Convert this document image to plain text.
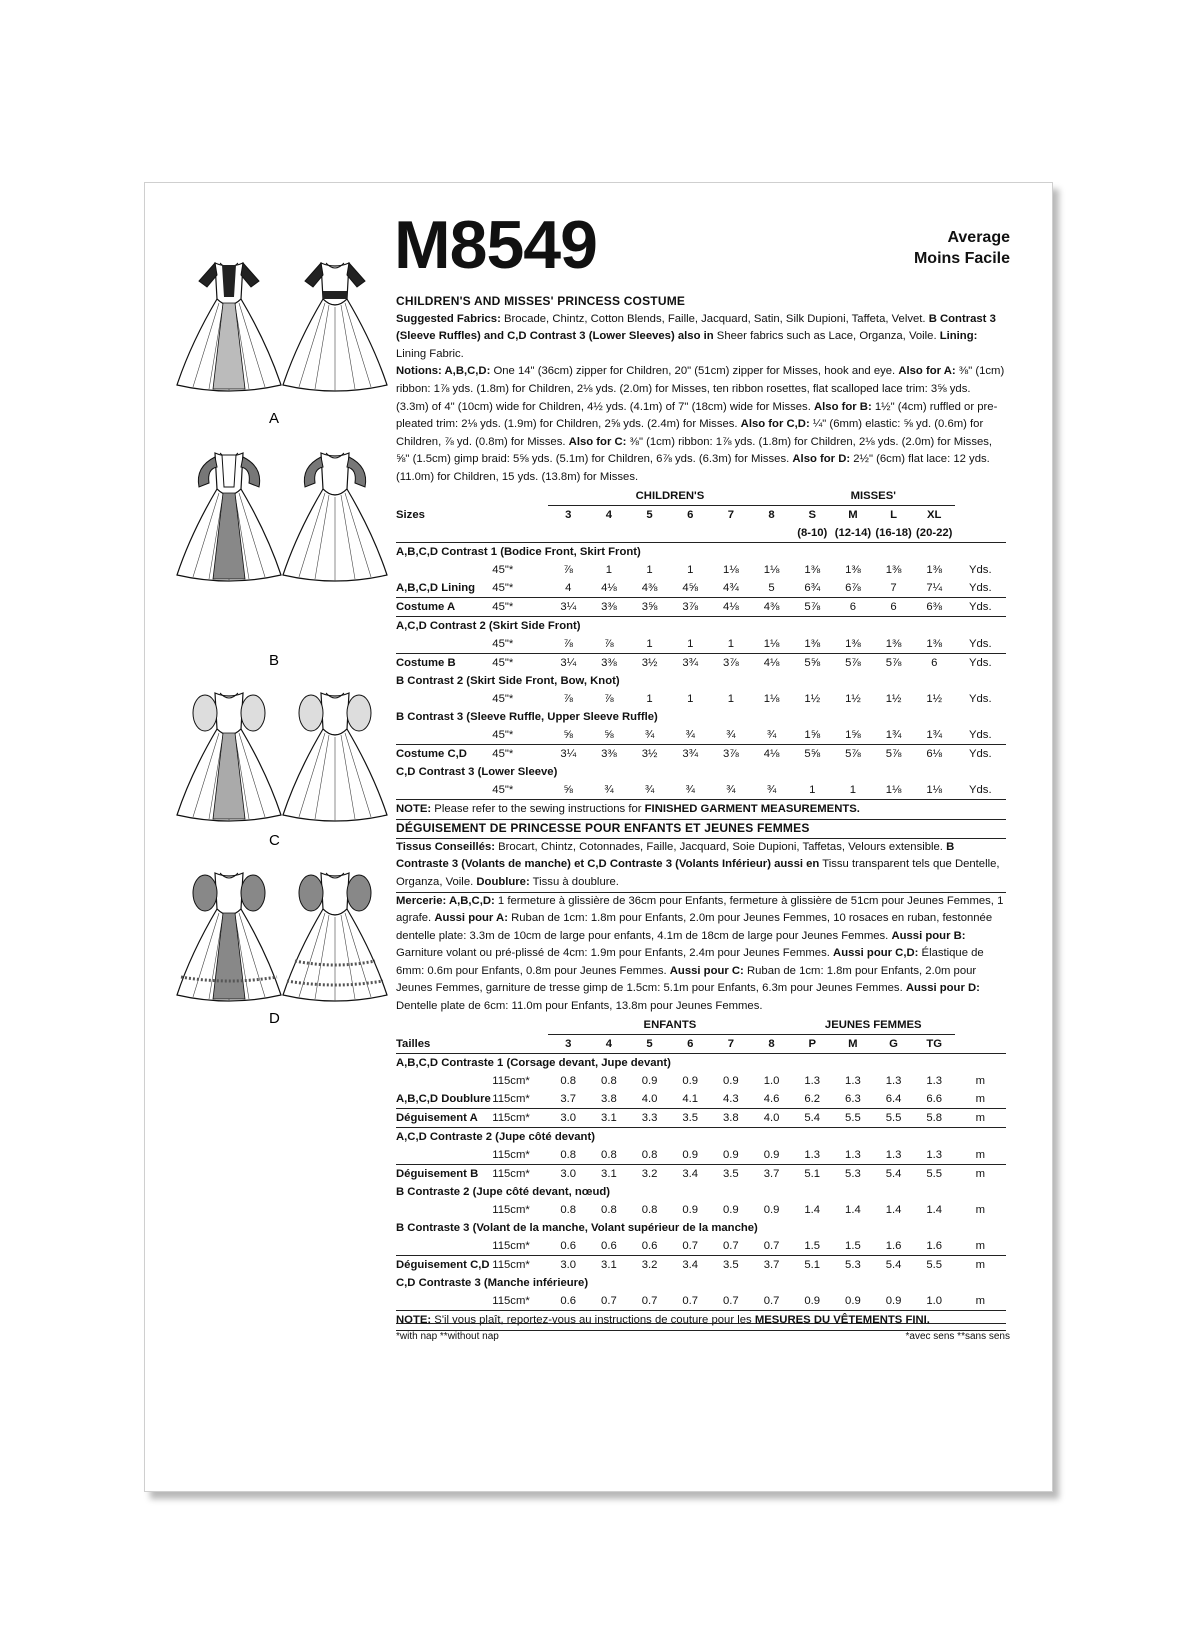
A
B
C
D
M8549	Average
Moins Facile
CHILDREN'S AND MISSES' PRINCESS COSTUME

Suggested Fabrics: Brocade, Chintz, Cotton Blends, Faille, Jacquard, Satin, Silk Dupioni, Taffeta, Velvet. B Contrast 3 (Sleeve Ruffles) and C,D Contrast 3 (Lower Sleeves) also in Sheer fabrics such as Lace, Organza, Voile. Lining: Lining Fabric.

Notions: A,B,C,D: One 14" (36cm) zipper for Children, 20" (51cm) zipper for Misses, hook and eye. Also for A: ⅜" (1cm) ribbon: 1⅞ yds. (1.8m) for Children, 2⅛ yds. (2.0m) for Misses, ten ribbon rosettes, flat scalloped lace trim: 3⅝ yds. (3.3m) of 4" (10cm) wide for Children, 4½ yds. (4.1m) of 7" (18cm) wide for Misses. Also for B: 1½" (4cm) ruffled or pre-pleated trim: 2⅛ yds. (1.9m) for Children, 2⅝ yds. (2.4m) for Misses. Also for C,D: ¼" (6mm) elastic: ⅝ yd. (0.6m) for Children, ⅞ yd. (0.8m) for Misses. Also for C: ⅜" (1cm) ribbon: 1⅞ yds. (1.8m) for Children, 2⅛ yds. (2.0m) for Misses, ⅝" (1.5cm) gimp braid: 5⅝ yds. (5.1m) for Children, 6⅞ yds. (6.3m) for Misses. Also for D: 2½" (6cm) flat lace: 12 yds. (11.0m) for Children, 15 yds. (13.8m) for Misses.

		CHILDREN'S						MISSES'				
Sizes		3	4	5	6	7	8	S	M	L	XL	
								(8-10)	(12-14)	(16-18)	(20-22)	
A,B,C,D Contrast 1 (Bodice Front, Skirt Front)												
	45"*	⅞	1	1	1	1⅛	1⅛	1⅜	1⅜	1⅜	1⅜	Yds.
A,B,C,D Lining	45"*	4	4⅛	4⅜	4⅝	4¾	5	6¾	6⅞	7	7¼	Yds.
Costume A	45"*	3¼	3⅜	3⅝	3⅞	4⅛	4⅜	5⅞	6	6	6⅜	Yds.
A,C,D Contrast 2 (Skirt Side Front)												
	45"*	⅞	⅞	1	1	1	1⅛	1⅜	1⅜	1⅜	1⅜	Yds.
Costume B	45"*	3¼	3⅜	3½	3¾	3⅞	4⅛	5⅝	5⅞	5⅞	6	Yds.
B Contrast 2 (Skirt Side Front, Bow, Knot)												
	45"*	⅞	⅞	1	1	1	1⅛	1½	1½	1½	1½	Yds.
B Contrast 3 (Sleeve Ruffle, Upper Sleeve Ruffle)												
	45"*	⅝	⅝	¾	¾	¾	¾	1⅝	1⅝	1¾	1¾	Yds.
Costume C,D	45"*	3¼	3⅜	3½	3¾	3⅞	4⅛	5⅝	5⅞	5⅞	6⅛	Yds.
C,D Contrast 3 (Lower Sleeve)												
	45"*	⅝	¾	¾	¾	¾	¾	1	1	1⅛	1⅛	Yds.
NOTE: Please refer to the sewing instructions for FINISHED GARMENT MEASUREMENTS.
DÉGUISEMENT DE PRINCESSE POUR ENFANTS ET JEUNES FEMMES

Tissus Conseillés: Brocart, Chintz, Cotonnades, Faille, Jacquard, Soie Dupioni, Taffetas, Velours extensible. B Contraste 3 (Volants de manche) et C,D Contraste 3 (Volants Inférieur) aussi en Tissu transparent tels que Dentelle, Organza, Voile. Doublure: Tissu à doublure.

Mercerie: A,B,C,D: 1 fermeture à glissière de 36cm pour Enfants, fermeture à glissière de 51cm pour Jeunes Femmes, 1 agrafe. Aussi pour A: Ruban de 1cm: 1.8m pour Enfants, 2.0m pour Jeunes Femmes, 10 rosaces en ruban, festonnée dentelle plate: 3.3m de 10cm de large pour enfants, 4.1m de 18cm de large pour Jeunes Femmes. Aussi pour B: Garniture volant ou pré-plissé de 4cm: 1.9m pour Enfants, 2.4m pour Jeunes Femmes. Aussi pour C,D: Élastique de 6mm: 0.6m pour Enfants, 0.8m pour Jeunes Femmes. Aussi pour C: Ruban de 1cm: 1.8m pour Enfants, 2.0m pour Jeunes Femmes, garniture de tresse gimp de 1.5cm: 5.1m pour Enfants, 6.3m pour Jeunes Femmes. Aussi pour D: Dentelle plate de 6cm: 11.0m pour Enfants, 13.8m pour Jeunes Femmes.

		ENFANTS						JEUNES FEMMES				
Tailles		3	4	5	6	7	8	P	M	G	TG	
A,B,C,D Contraste 1 (Corsage devant, Jupe devant)												
	115cm*	0.8	0.8	0.9	0.9	0.9	1.0	1.3	1.3	1.3	1.3	m
A,B,C,D Doublure	115cm*	3.7	3.8	4.0	4.1	4.3	4.6	6.2	6.3	6.4	6.6	m
Déguisement A	115cm*	3.0	3.1	3.3	3.5	3.8	4.0	5.4	5.5	5.5	5.8	m
A,C,D Contraste 2 (Jupe côté devant)												
	115cm*	0.8	0.8	0.8	0.9	0.9	0.9	1.3	1.3	1.3	1.3	m
Déguisement B	115cm*	3.0	3.1	3.2	3.4	3.5	3.7	5.1	5.3	5.4	5.5	m
B Contraste 2 (Jupe côté devant, nœud)												
	115cm*	0.8	0.8	0.8	0.9	0.9	0.9	1.4	1.4	1.4	1.4	m
B Contraste 3 (Volant de la manche, Volant supérieur de la manche)												
	115cm*	0.6	0.6	0.6	0.7	0.7	0.7	1.5	1.5	1.6	1.6	m
Déguisement C,D	115cm*	3.0	3.1	3.2	3.4	3.5	3.7	5.1	5.3	5.4	5.5	m
C,D Contraste 3 (Manche inférieure)												
	115cm*	0.6	0.7	0.7	0.7	0.7	0.7	0.9	0.9	0.9	1.0	m
NOTE: S'il vous plaît, reportez-vous au instructions de couture pour les MESURES DU VÊTEMENTS FINI.
*with nap **without nap	*avec sens **sans sens
